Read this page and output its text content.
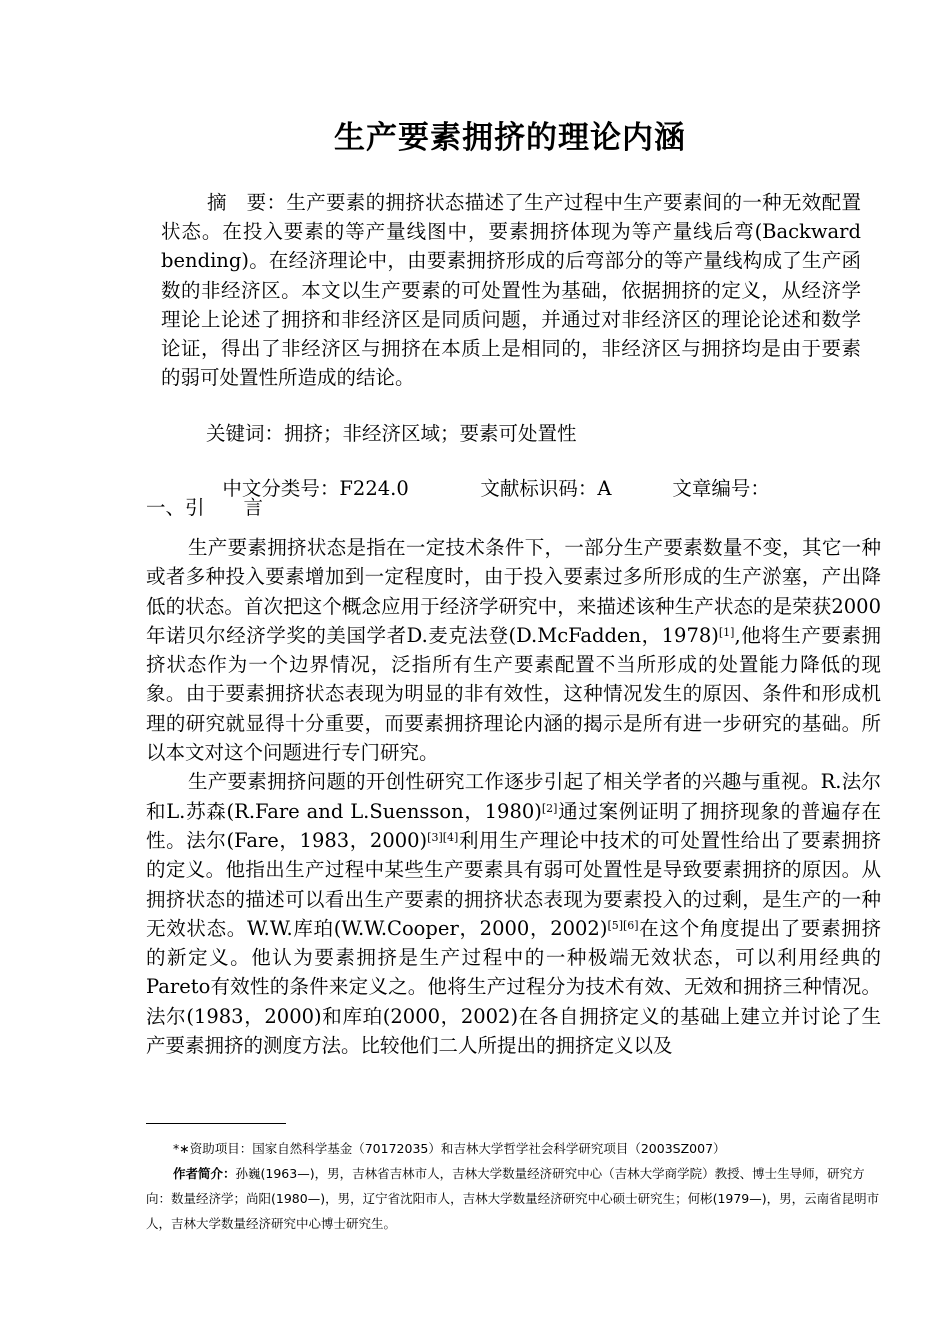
生产要素拥挤的理论内涵
摘　要：生产要素的拥挤状态描述了生产过程中生产要素间的一种无效配置状态。在投入要素的等产量线图中，要素拥挤体现为等产量线后弯(Backward bending)。在经济理论中，由要素拥挤形成的后弯部分的等产量线构成了生产函数的非经济区。本文以生产要素的可处置性为基础，依据拥挤的定义，从经济学理论上论述了拥挤和非经济区是同质问题，并通过对非经济区的理论论述和数学论证，得出了非经济区与拥挤在本质上是相同的，非经济区与拥挤均是由于要素的弱可处置性所造成的结论。
关键词：拥挤；非经济区域；要素可处置性

中文分类号：F224.0	文献标识码：A	文章编号：

一、引　　言

生产要素拥挤状态是指在一定技术条件下，一部分生产要素数量不变，其它一种或者多种投入要素增加到一定程度时，由于投入要素过多所形成的生产淤塞，产出降低的状态。首次把这个概念应用于经济学研究中，来描述该种生产状态的是荣获2000年诺贝尔经济学奖的美国学者D.麦克法登(D.McFadden，1978)[1],他将生产要素拥挤状态作为一个边界情况，泛指所有生产要素配置不当所形成的处置能力降低的现象。由于要素拥挤状态表现为明显的非有效性，这种情况发生的原因、条件和形成机理的研究就显得十分重要，而要素拥挤理论内涵的揭示是所有进一步研究的基础。所以本文对这个问题进行专门研究。

生产要素拥挤问题的开创性研究工作逐步引起了相关学者的兴趣与重视。R.法尔和L.苏森(R.Fare and L.Suensson，1980)[2]通过案例证明了拥挤现象的普遍存在性。法尔(Fare，1983，2000)[3][4]利用生产理论中技术的可处置性给出了要素拥挤的定义。他指出生产过程中某些生产要素具有弱可处置性是导致要素拥挤的原因。从拥挤状态的描述可以看出生产要素的拥挤状态表现为要素投入的过剩，是生产的一种无效状态。W.W.库珀(W.W.Cooper，2000，2002)[5][6]在这个角度提出了要素拥挤的新定义。他认为要素拥挤是生产过程中的一种极端无效状态，可以利用经典的Pareto有效性的条件来定义之。他将生产过程分为技术有效、无效和拥挤三种情况。法尔(1983，2000)和库珀(2000，2002)在各自拥挤定义的基础上建立并讨论了生产要素拥挤的测度方法。比较他们二人所提出的拥挤定义以及

*∗资助项目：国家自然科学基金（70172035）和吉林大学哲学社会科学研究项目（2003SZ007）
作者简介：孙巍(1963—)，男，吉林省吉林市人，吉林大学数量经济研究中心（吉林大学商学院）教授、博士生导师，研究方向：数量经济学；尚阳(1980—)，男，辽宁省沈阳市人，吉林大学数量经济研究中心硕士研究生；何彬(1979—)，男，云南省昆明市人，吉林大学数量经济研究中心博士研究生。
